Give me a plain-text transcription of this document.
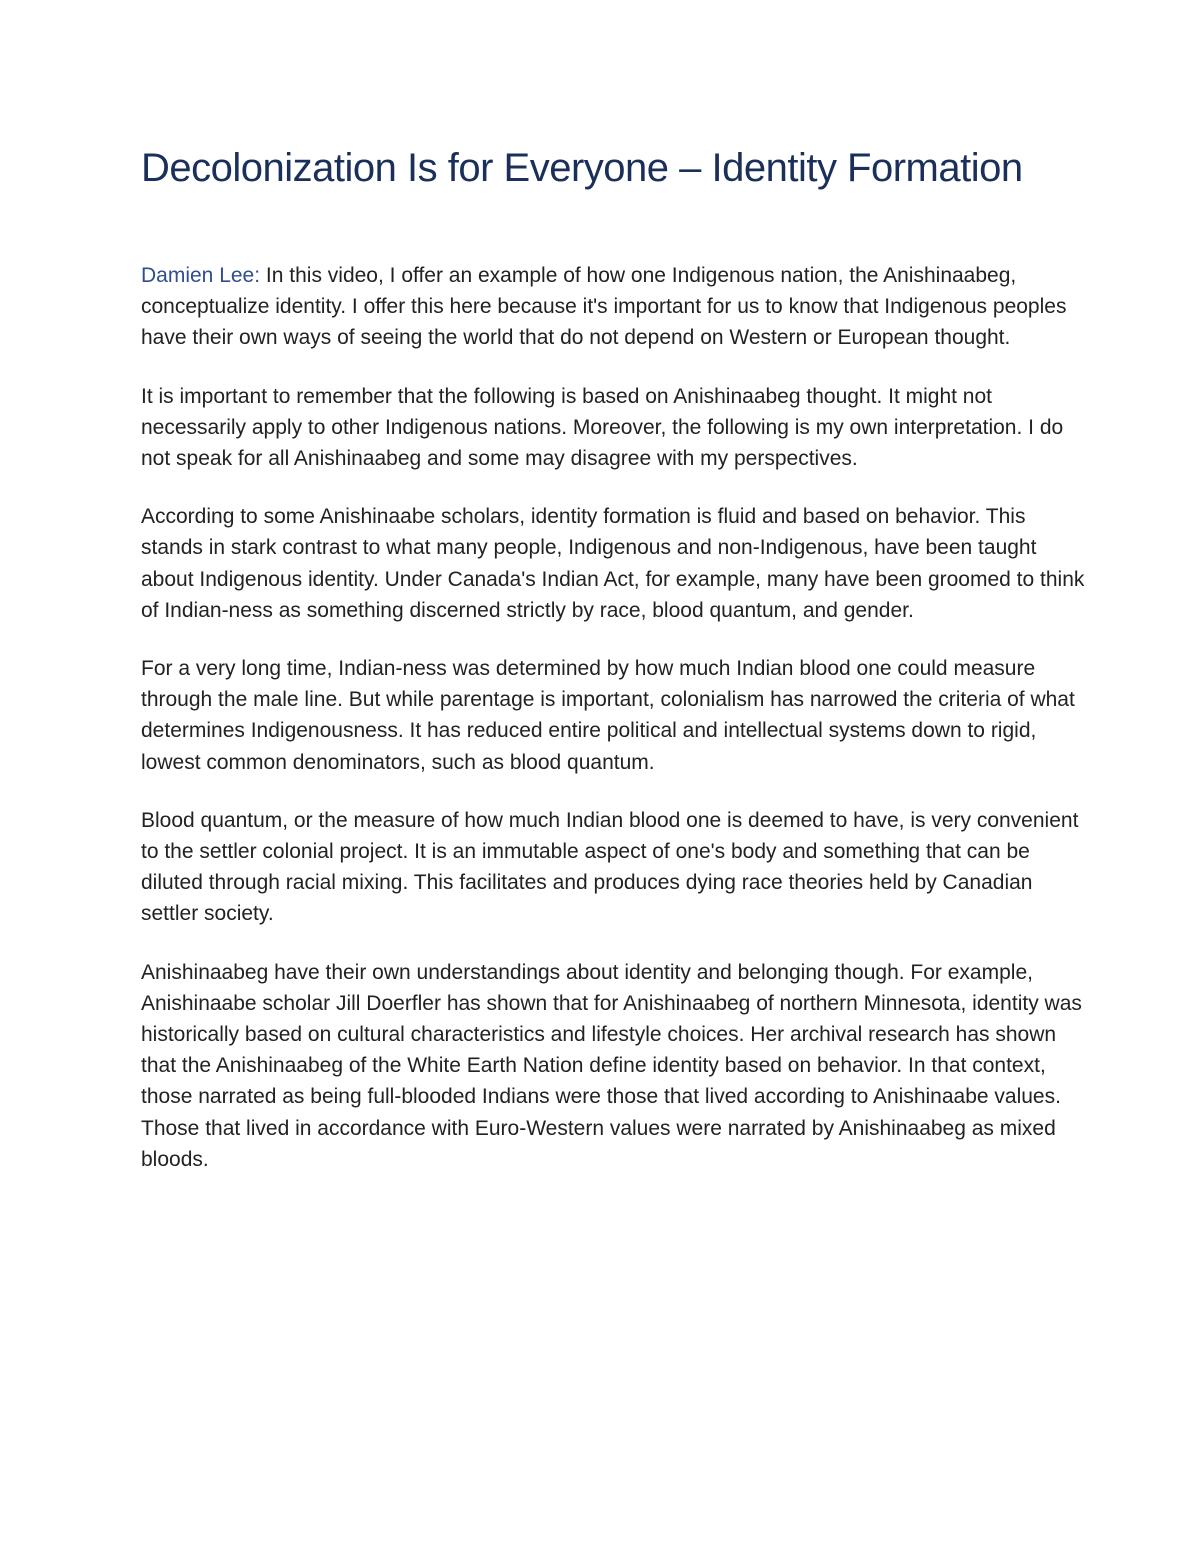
Decolonization Is for Everyone – Identity Formation

Damien Lee: In this video, I offer an example of how one Indigenous nation, the Anishinaabeg, conceptualize identity. I offer this here because it's important for us to know that Indigenous peoples have their own ways of seeing the world that do not depend on Western or European thought.

It is important to remember that the following is based on Anishinaabeg thought. It might not necessarily apply to other Indigenous nations. Moreover, the following is my own interpretation. I do not speak for all Anishinaabeg and some may disagree with my perspectives.

According to some Anishinaabe scholars, identity formation is fluid and based on behavior. This stands in stark contrast to what many people, Indigenous and non-Indigenous, have been taught about Indigenous identity. Under Canada's Indian Act, for example, many have been groomed to think of Indian-ness as something discerned strictly by race, blood quantum, and gender.

For a very long time, Indian-ness was determined by how much Indian blood one could measure through the male line. But while parentage is important, colonialism has narrowed the criteria of what determines Indigenousness. It has reduced entire political and intellectual systems down to rigid, lowest common denominators, such as blood quantum.

Blood quantum, or the measure of how much Indian blood one is deemed to have, is very convenient to the settler colonial project. It is an immutable aspect of one's body and something that can be diluted through racial mixing. This facilitates and produces dying race theories held by Canadian settler society.

Anishinaabeg have their own understandings about identity and belonging though. For example, Anishinaabe scholar Jill Doerfler has shown that for Anishinaabeg of northern Minnesota, identity was historically based on cultural characteristics and lifestyle choices. Her archival research has shown that the Anishinaabeg of the White Earth Nation define identity based on behavior. In that context, those narrated as being full-blooded Indians were those that lived according to Anishinaabe values. Those that lived in accordance with Euro-Western values were narrated by Anishinaabeg as mixed bloods.
